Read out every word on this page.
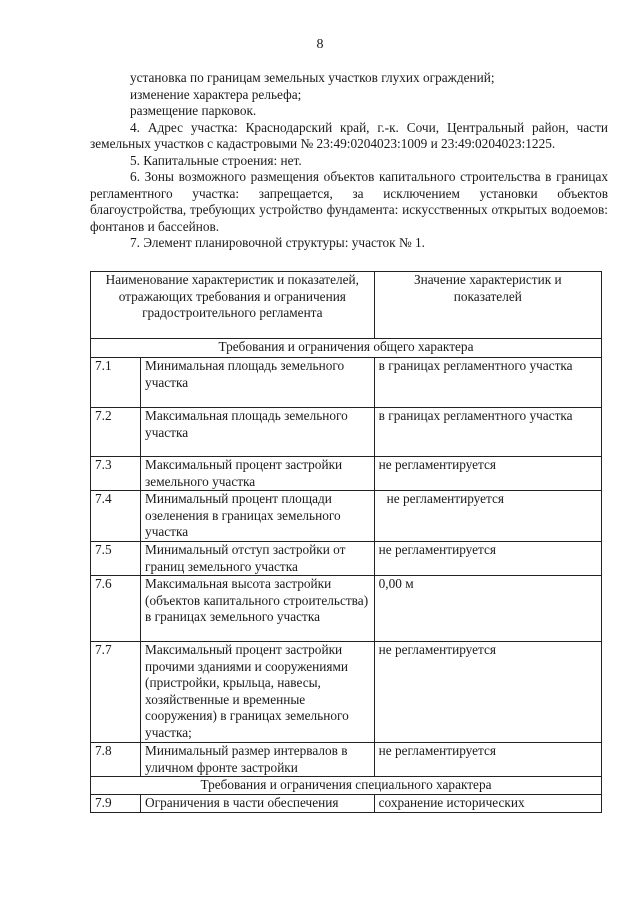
8

установка по границам земельных участков глухих ограждений;

изменение характера рельефа;

размещение парковок.

4. Адрес участка: Краснодарский край, г.-к. Сочи, Центральный район, части земельных участков с кадастровыми № 23:49:0204023:1009 и 23:49:0204023:1225.

5. Капитальные строения: нет.

6. Зоны возможного размещения объектов капитального строительства в границах регламентного участка: запрещается, за исключением установки объектов благоустройства, требующих устройство фундамента: искусственных открытых водоемов: фонтанов и бассейнов.

7. Элемент планировочной структуры: участок № 1.

Наименование характеристик и показателей, отражающих требования и ограничения градостроительного регламента		Значение характеристик и показателей
Требования и ограничения общего характера		
7.1	Минимальная площадь земельного участка	в границах регламентного участка
7.2	Максимальная площадь земельного участка	в границах регламентного участка
7.3	Максимальный процент застройки земельного участка	не регламентируется
7.4	Минимальный процент площади озеленения в границах земельного участка	не регламентируется
7.5	Минимальный отступ застройки от границ земельного участка	не регламентируется
7.6	Максимальная высота застройки (объектов капитального строительства) в границах земельного участка	0,00 м
7.7	Максимальный процент застройки прочими зданиями и сооружениями (пристройки, крыльца, навесы, хозяйственные и временные сооружения) в границах земельного участка;	не регламентируется
7.8	Минимальный размер интервалов в уличном фронте застройки	не регламентируется
Требования и ограничения специального характера		
7.9	Ограничения в части обеспечения	сохранение исторических
